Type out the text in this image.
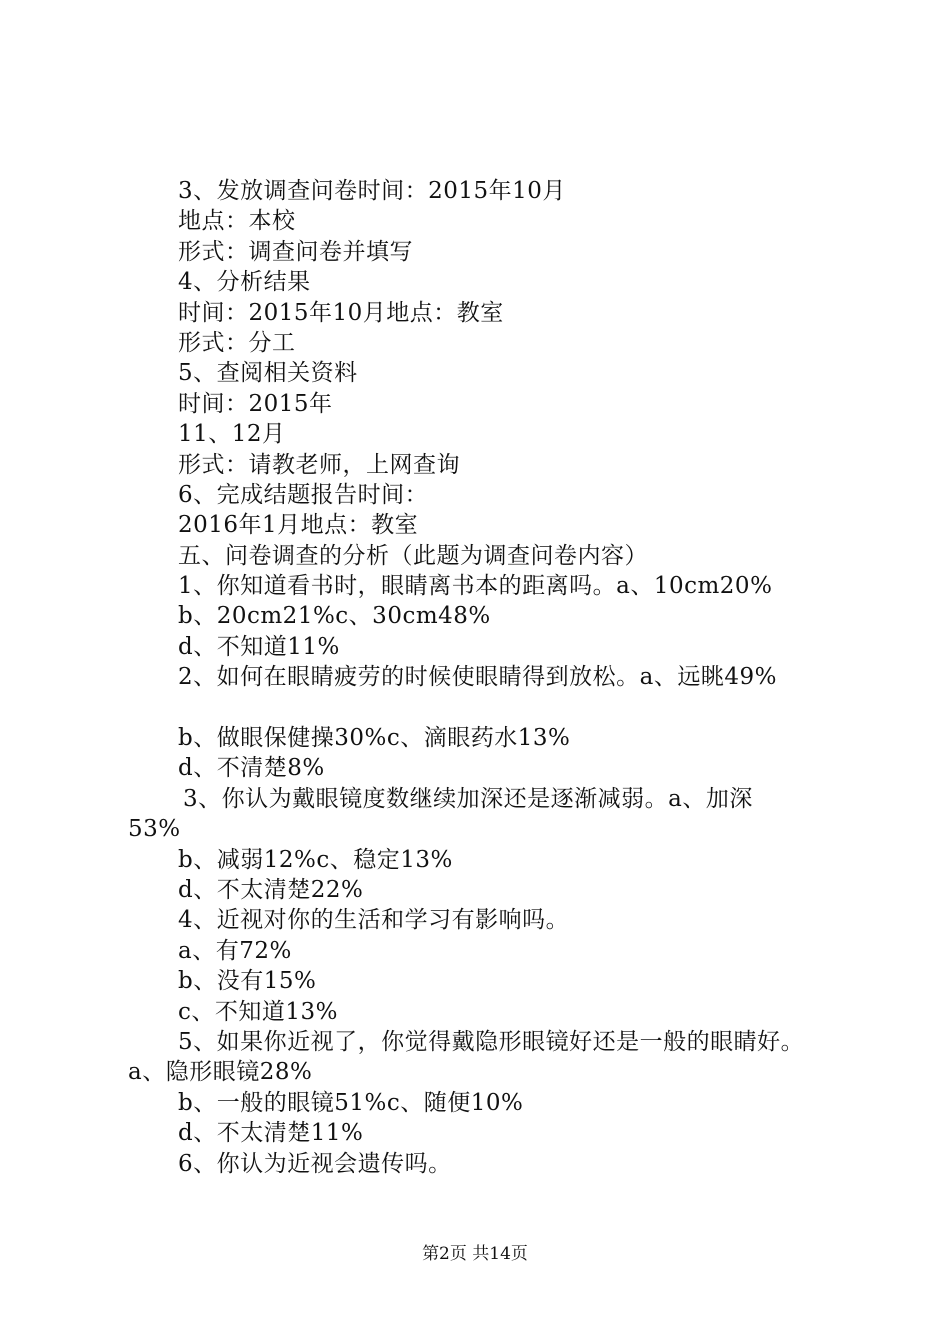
3、发放调查问卷时间：2015年10月
地点：本校
形式：调查问卷并填写
4、分析结果
时间：2015年10月地点：教室
形式：分工
5、查阅相关资料
时间：2015年
11、12月
形式：请教老师，上网查询
6、完成结题报告时间：
2016年1月地点：教室
五、问卷调查的分析（此题为调查问卷内容）
1、你知道看书时，眼睛离书本的距离吗。a、10cm20%
b、20cm21%c、30cm48%
d、不知道11%
2、如何在眼睛疲劳的时候使眼睛得到放松。a、远眺49%
b、做眼保健操30%c、滴眼药水13%
d、不清楚8%
3、你认为戴眼镜度数继续加深还是逐渐减弱。a、加深
53%
b、减弱12%c、稳定13%
d、不太清楚22%
4、近视对你的生活和学习有影响吗。
a、有72%
b、没有15%
c、不知道13%
5、如果你近视了，你觉得戴隐形眼镜好还是一般的眼睛好。
a、隐形眼镜28%
b、一般的眼镜51%c、随便10%
d、不太清楚11%
6、你认为近视会遗传吗。
第2页 共14页
